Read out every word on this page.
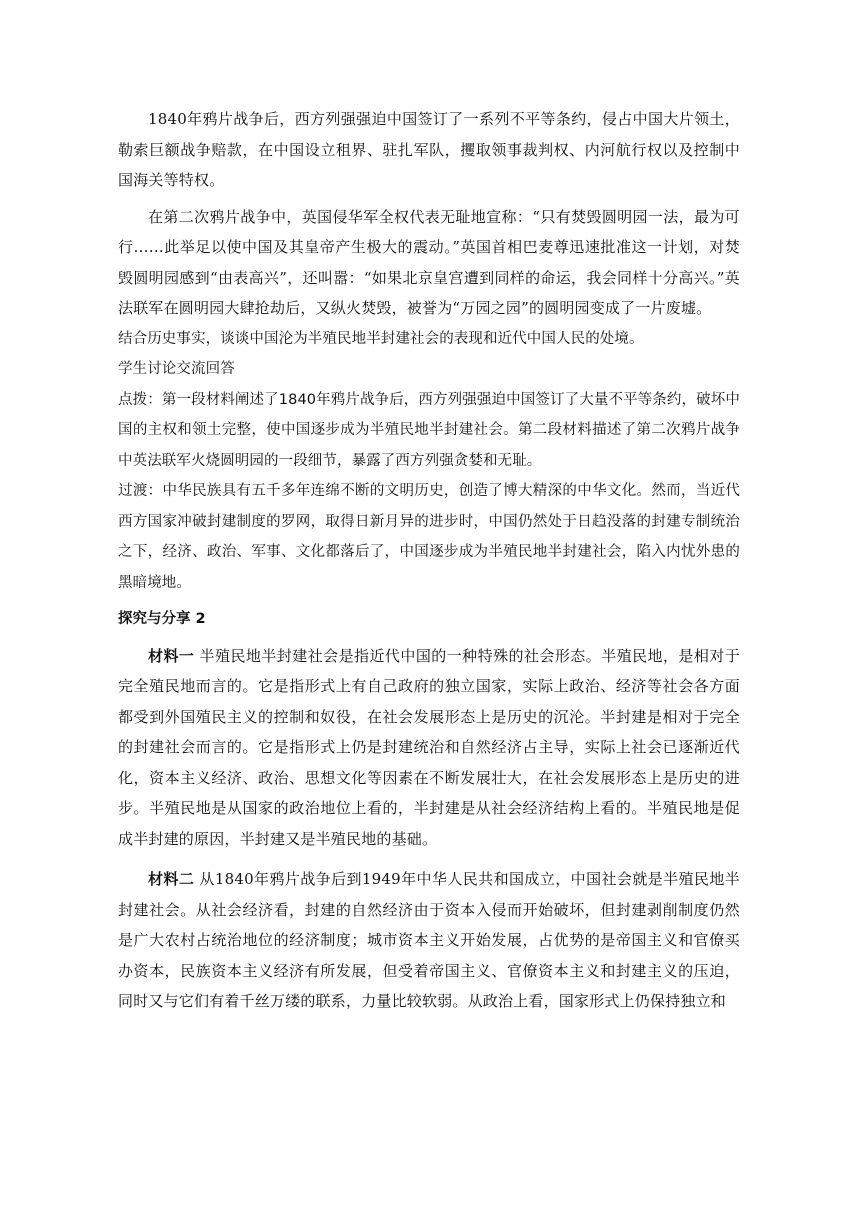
1840年鸦片战争后，西方列强强迫中国签订了一系列不平等条约，侵占中国大片领土，勒索巨额战争赔款，在中国设立租界、驻扎军队，攫取领事裁判权、内河航行权以及控制中国海关等特权。

在第二次鸦片战争中，英国侵华军全权代表无耻地宣称：“只有焚毁圆明园一法，最为可行……此举足以使中国及其皇帝产生极大的震动。”英国首相巴麦尊迅速批准这一计划，对焚毁圆明园感到“由表高兴”，还叫嚣：“如果北京皇宫遭到同样的命运，我会同样十分高兴。”英法联军在圆明园大肆抢劫后，又纵火焚毁，被誉为“万园之园”的圆明园变成了一片废墟。

结合历史事实，谈谈中国沦为半殖民地半封建社会的表现和近代中国人民的处境。

学生讨论交流回答

点拨：第一段材料阐述了1840年鸦片战争后，西方列强强迫中国签订了大量不平等条约，破坏中国的主权和领土完整，使中国逐步成为半殖民地半封建社会。第二段材料描述了第二次鸦片战争中英法联军火烧圆明园的一段细节，暴露了西方列强贪婪和无耻。

过渡：中华民族具有五千多年连绵不断的文明历史，创造了博大精深的中华文化。然而，当近代西方国家冲破封建制度的罗网，取得日新月异的进步时，中国仍然处于日趋没落的封建专制统治之下，经济、政治、军事、文化都落后了，中国逐步成为半殖民地半封建社会，陷入内忧外患的黑暗境地。

探究与分享 2

材料一 半殖民地半封建社会是指近代中国的一种特殊的社会形态。半殖民地，是相对于完全殖民地而言的。它是指形式上有自己政府的独立国家，实际上政治、经济等社会各方面都受到外国殖民主义的控制和奴役，在社会发展形态上是历史的沉沦。半封建是相对于完全的封建社会而言的。它是指形式上仍是封建统治和自然经济占主导，实际上社会已逐渐近代化，资本主义经济、政治、思想文化等因素在不断发展壮大，在社会发展形态上是历史的进步。半殖民地是从国家的政治地位上看的，半封建是从社会经济结构上看的。半殖民地是促成半封建的原因，半封建又是半殖民地的基础。

材料二 从1840年鸦片战争后到1949年中华人民共和国成立，中国社会就是半殖民地半封建社会。从社会经济看，封建的自然经济由于资本入侵而开始破坏，但封建剥削制度仍然是广大农村占统治地位的经济制度；城市资本主义开始发展，占优势的是帝国主义和官僚买办资本，民族资本主义经济有所发展，但受着帝国主义、官僚资本主义和封建主义的压迫，同时又与它们有着千丝万缕的联系，力量比较软弱。从政治上看，国家形式上仍保持独立和
